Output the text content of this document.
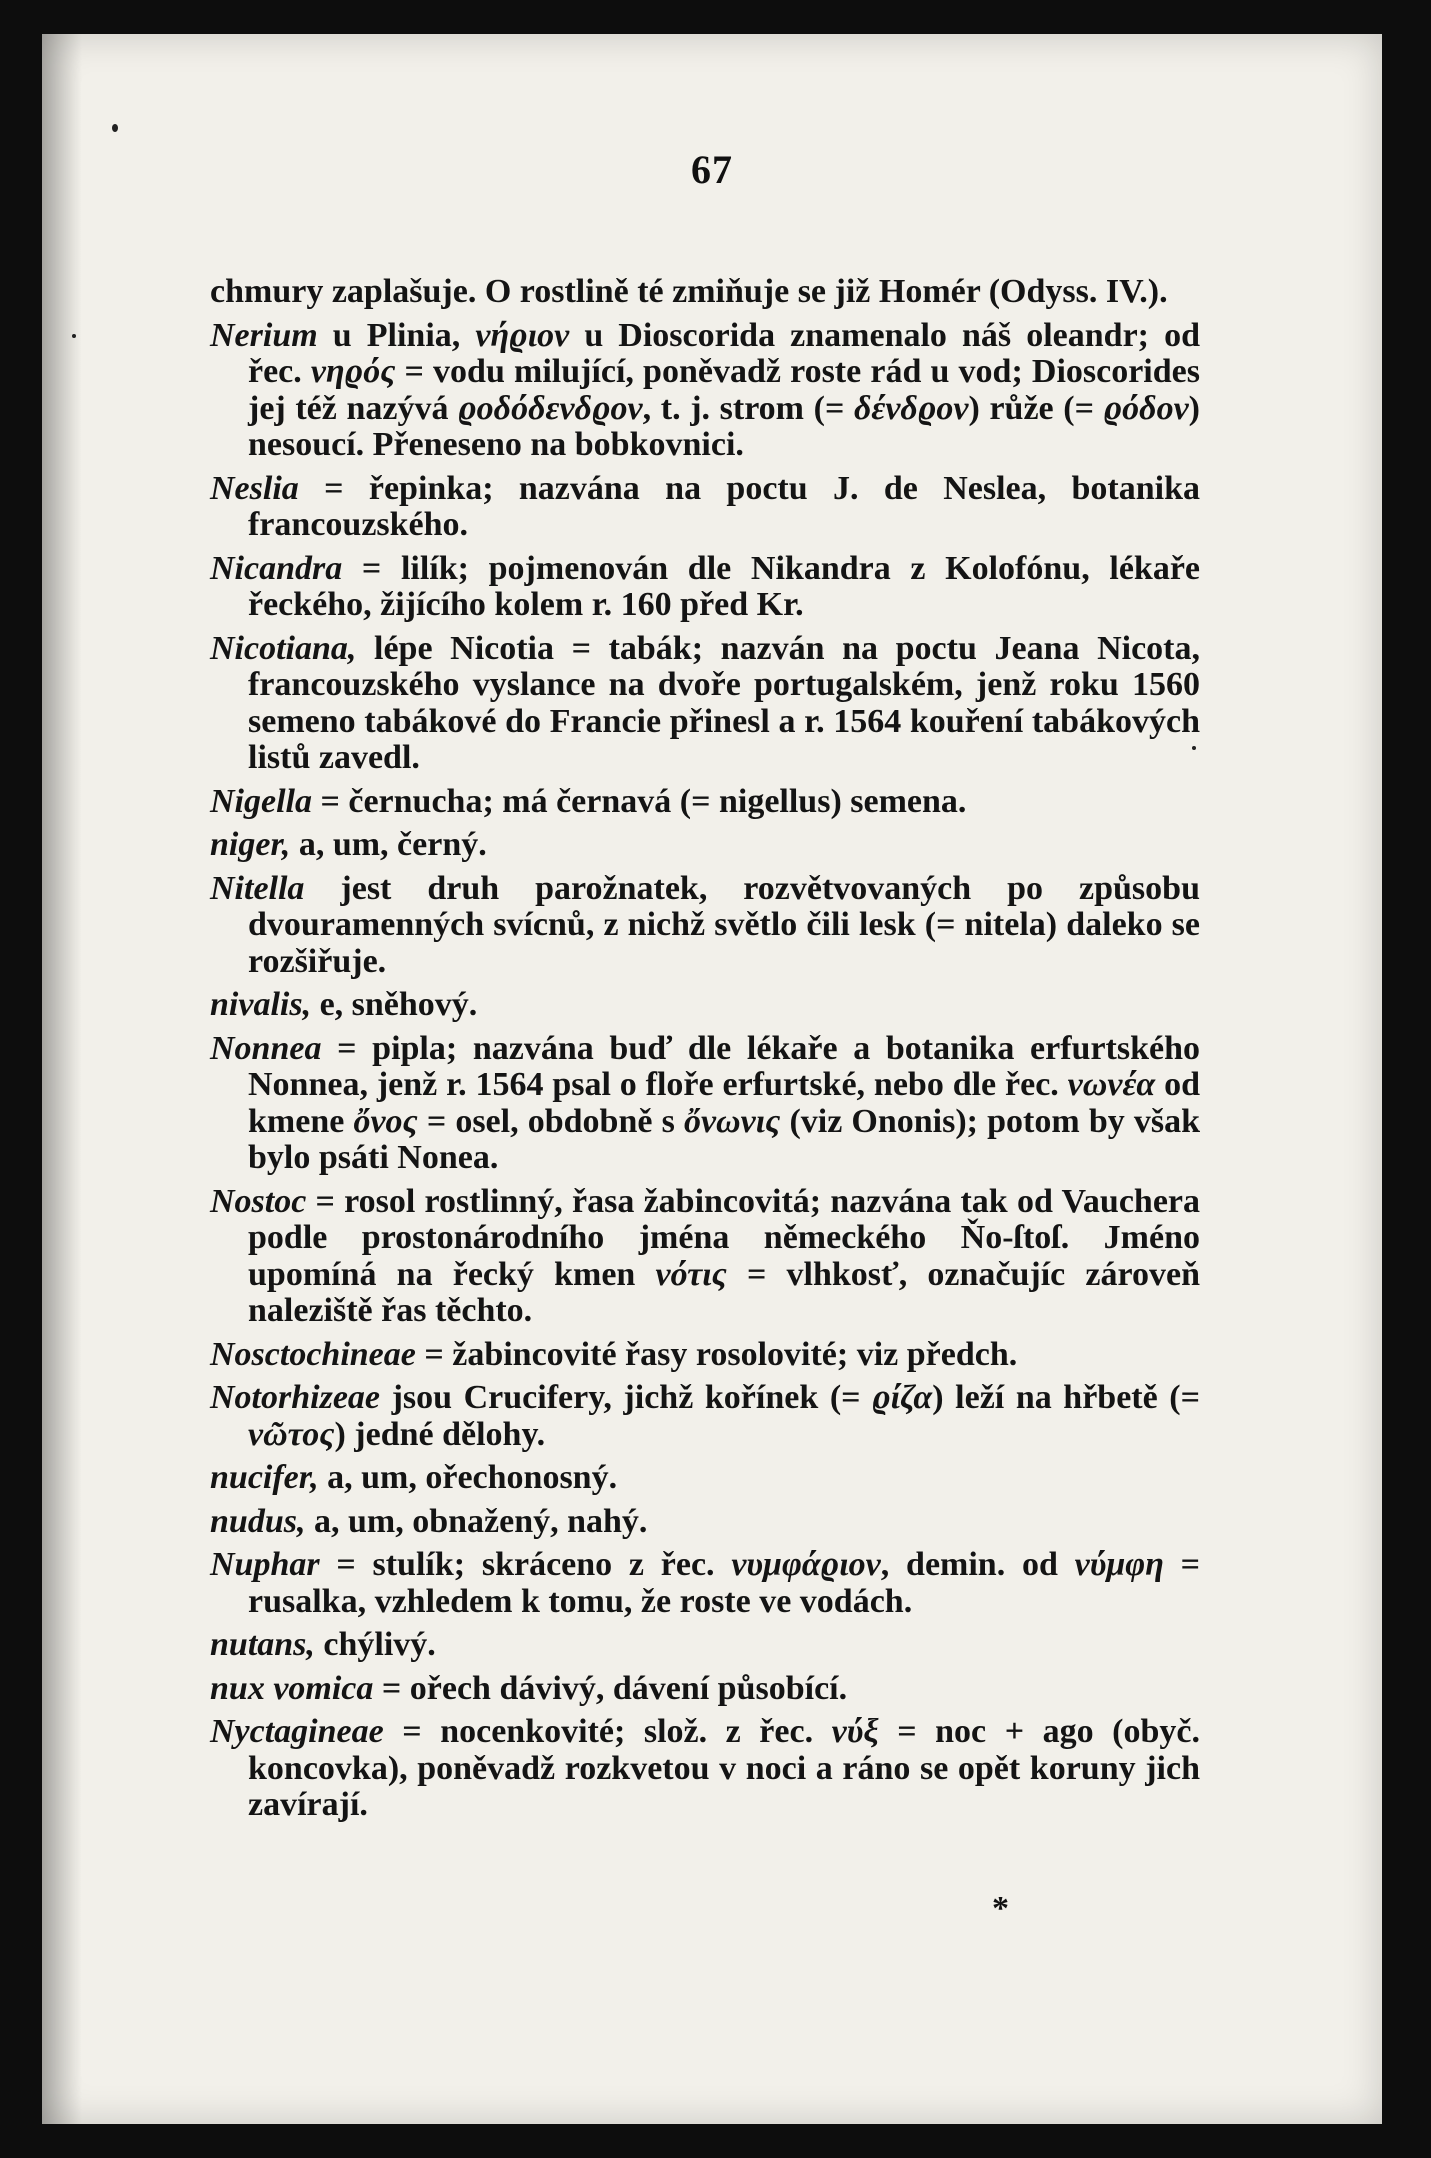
67

chmury zaplašuje. O rostlině té zmiňuje se již Homér (Odyss. IV.).

Nerium u Plinia, νήϱιον u Dioscorida znamenalo náš oleandr; od řec. νηϱός = vodu milující, poněvadž roste rád u vod; Dioscorides jej též nazývá ϱοδόδενδϱον, t. j. strom (= δένδϱον) růže (= ϱόδον) nesoucí. Přeneseno na bobkovnici.

Neslia = řepinka; nazvána na poctu J. de Neslea, botanika francouzského.

Nicandra = lilík; pojmenován dle Nikandra z Kolofónu, lékaře řeckého, žijícího kolem r. 160 před Kr.

Nicotiana, lépe Nicotia = tabák; nazván na poctu Jeana Nicota, francouzského vyslance na dvoře portugalském, jenž roku 1560 semeno tabákové do Francie přinesl a r. 1564 kouření tabákových listů zavedl.

Nigella = černucha; má černavá (= nigellus) semena.

niger, a, um, černý.

Nitella jest druh parožnatek, rozvětvovaných po způsobu dvouramenných svícnů, z nichž světlo čili lesk (= nitela) daleko se rozšiřuje.

nivalis, e, sněhový.

Nonnea = pipla; nazvána buď dle lékaře a botanika erfurtského Nonnea, jenž r. 1564 psal o floře erfurtské, nebo dle řec. νωνέα od kmene ὄνος = osel, obdobně s ὄνωνις (viz Ononis); potom by však bylo psáti Nonea.

Nostoc = rosol rostlinný, řasa žabincovitá; nazvána tak od Vauchera podle prostonárodního jména německého Ňo-ſtoſ. Jméno upomíná na řecký kmen νότις = vlhkosť, označujíc zároveň naleziště řas těchto.

Nosctochineae = žabincovité řasy rosolovité; viz předch.

Notorhizeae jsou Crucifery, jichž kořínek (= ϱίζα) leží na hřbetě (= νῶτος) jedné dělohy.

nucifer, a, um, ořechonosný.

nudus, a, um, obnažený, nahý.

Nuphar = stulík; skráceno z řec. νυμφάϱιον, demin. od νύμφη = rusalka, vzhledem k tomu, že roste ve vodách.

nutans, chýlivý.

nux vomica = ořech dávivý, dávení působící.

Nyctagineae = nocenkovité; slož. z řec. νύξ = noc + ago (obyč. koncovka), poněvadž rozkvetou v noci a ráno se opět koruny jich zavírají.

*
